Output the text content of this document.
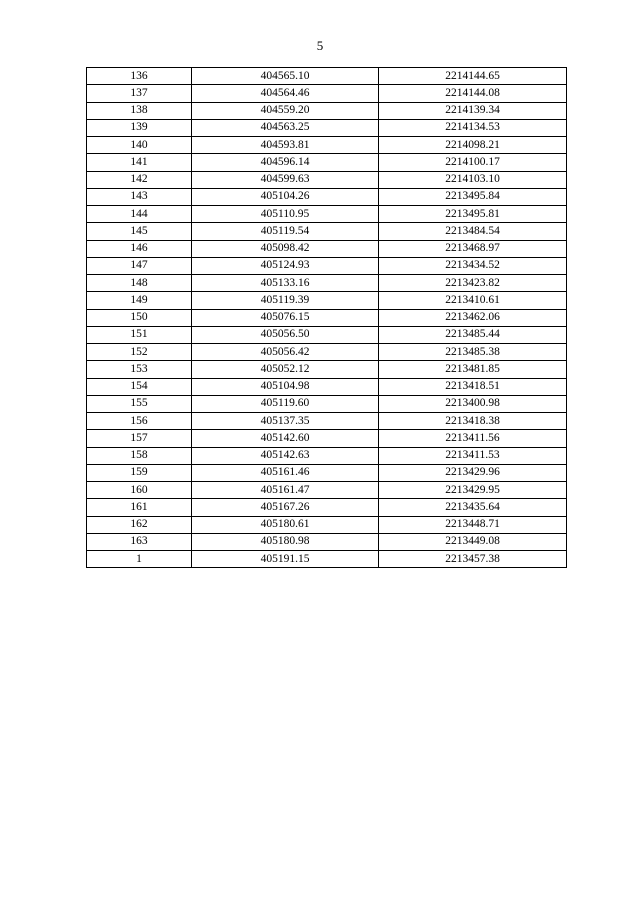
5
136	404565.10	2214144.65
137	404564.46	2214144.08
138	404559.20	2214139.34
139	404563.25	2214134.53
140	404593.81	2214098.21
141	404596.14	2214100.17
142	404599.63	2214103.10
143	405104.26	2213495.84
144	405110.95	2213495.81
145	405119.54	2213484.54
146	405098.42	2213468.97
147	405124.93	2213434.52
148	405133.16	2213423.82
149	405119.39	2213410.61
150	405076.15	2213462.06
151	405056.50	2213485.44
152	405056.42	2213485.38
153	405052.12	2213481.85
154	405104.98	2213418.51
155	405119.60	2213400.98
156	405137.35	2213418.38
157	405142.60	2213411.56
158	405142.63	2213411.53
159	405161.46	2213429.96
160	405161.47	2213429.95
161	405167.26	2213435.64
162	405180.61	2213448.71
163	405180.98	2213449.08
1	405191.15	2213457.38
